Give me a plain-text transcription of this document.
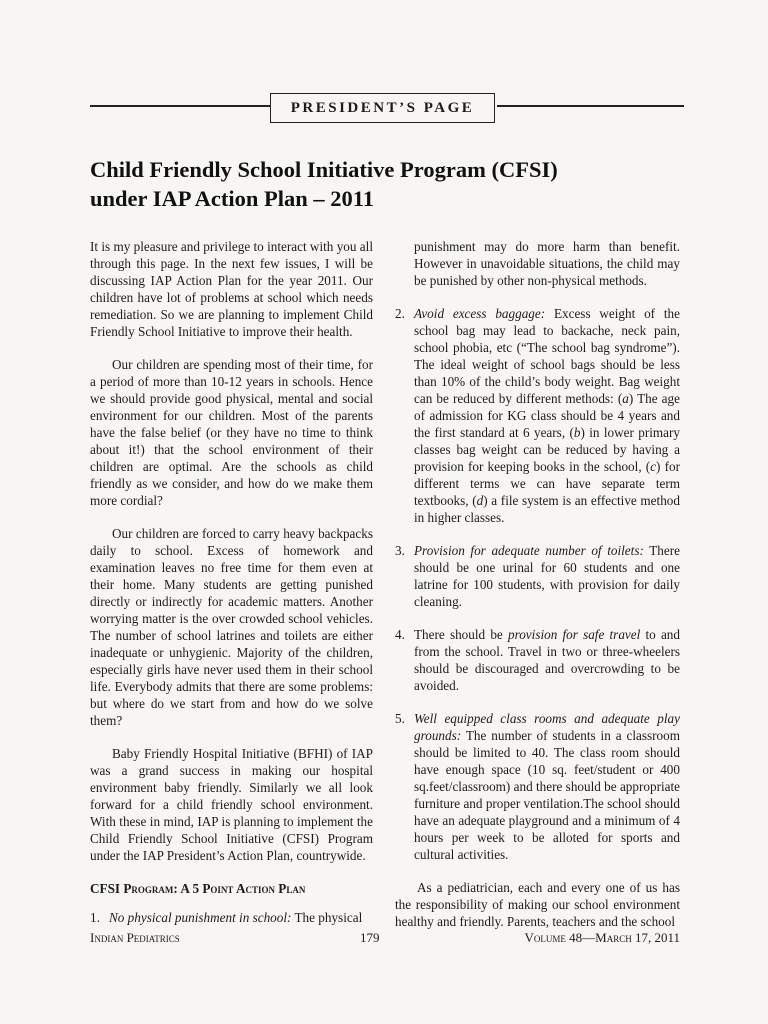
PRESIDENT’S PAGE
Child Friendly School Initiative Program (CFSI)
under IAP Action Plan – 2011

It is my pleasure and privilege to interact with you all through this page. In the next few issues, I will be discussing IAP Action Plan for the year 2011. Our children have lot of problems at school which needs remediation. So we are planning to implement Child Friendly School Initiative to improve their health.

Our children are spending most of their time, for a period of more than 10-12 years in schools. Hence we should provide good physical, mental and social environment for our children. Most of the parents have the false belief (or they have no time to think about it!) that the school environment of their children are optimal. Are the schools as child friendly as we consider, and how do we make them more cordial?

Our children are forced to carry heavy backpacks daily to school. Excess of homework and examination leaves no free time for them even at their home. Many students are getting punished directly or indirectly for academic matters. Another worrying matter is the over crowded school vehicles. The number of school latrines and toilets are either inadequate or unhygienic. Majority of the children, especially girls have never used them in their school life. Everybody admits that there are some problems: but where do we start from and how do we solve them?

Baby Friendly Hospital Initiative (BFHI) of IAP was a grand success in making our hospital environment baby friendly. Similarly we all look forward for a child friendly school environment. With these in mind, IAP is planning to implement the Child Friendly School Initiative (CFSI) Program under the IAP President’s Action Plan, countrywide.

CFSI Program: A 5 Point Action Plan
1. No physical punishment in school: The physical

punishment may do more harm than benefit. However in unavoidable situations, the child may be punished by other non-physical methods.

2. Avoid excess baggage: Excess weight of the school bag may lead to backache, neck pain, school phobia, etc (“The school bag syndrome”). The ideal weight of school bags should be less than 10% of the child’s body weight. Bag weight can be reduced by different methods: (a) The age of admission for KG class should be 4 years and the first standard at 6 years, (b) in lower primary classes bag weight can be reduced by having a provision for keeping books in the school, (c) for different terms we can have separate term textbooks, (d) a file system is an effective method in higher classes.
3. Provision for adequate number of toilets: There should be one urinal for 60 students and one latrine for 100 students, with provision for daily cleaning.
4. There should be provision for safe travel to and from the school. Travel in two or three-wheelers should be discouraged and overcrowding to be avoided.
5. Well equipped class rooms and adequate play grounds: The number of students in a classroom should be limited to 40. The class room should have enough space (10 sq. feet/student or 400 sq.feet/classroom) and there should be appropriate furniture and proper ventilation.The school should have an adequate playground and a minimum of 4 hours per week to be alloted for sports and cultural activities.

As a pediatrician, each and every one of us has the responsibility of making our school environment healthy and friendly. Parents, teachers and the school

Indian Pediatrics	179	Volume 48—March 17, 2011
